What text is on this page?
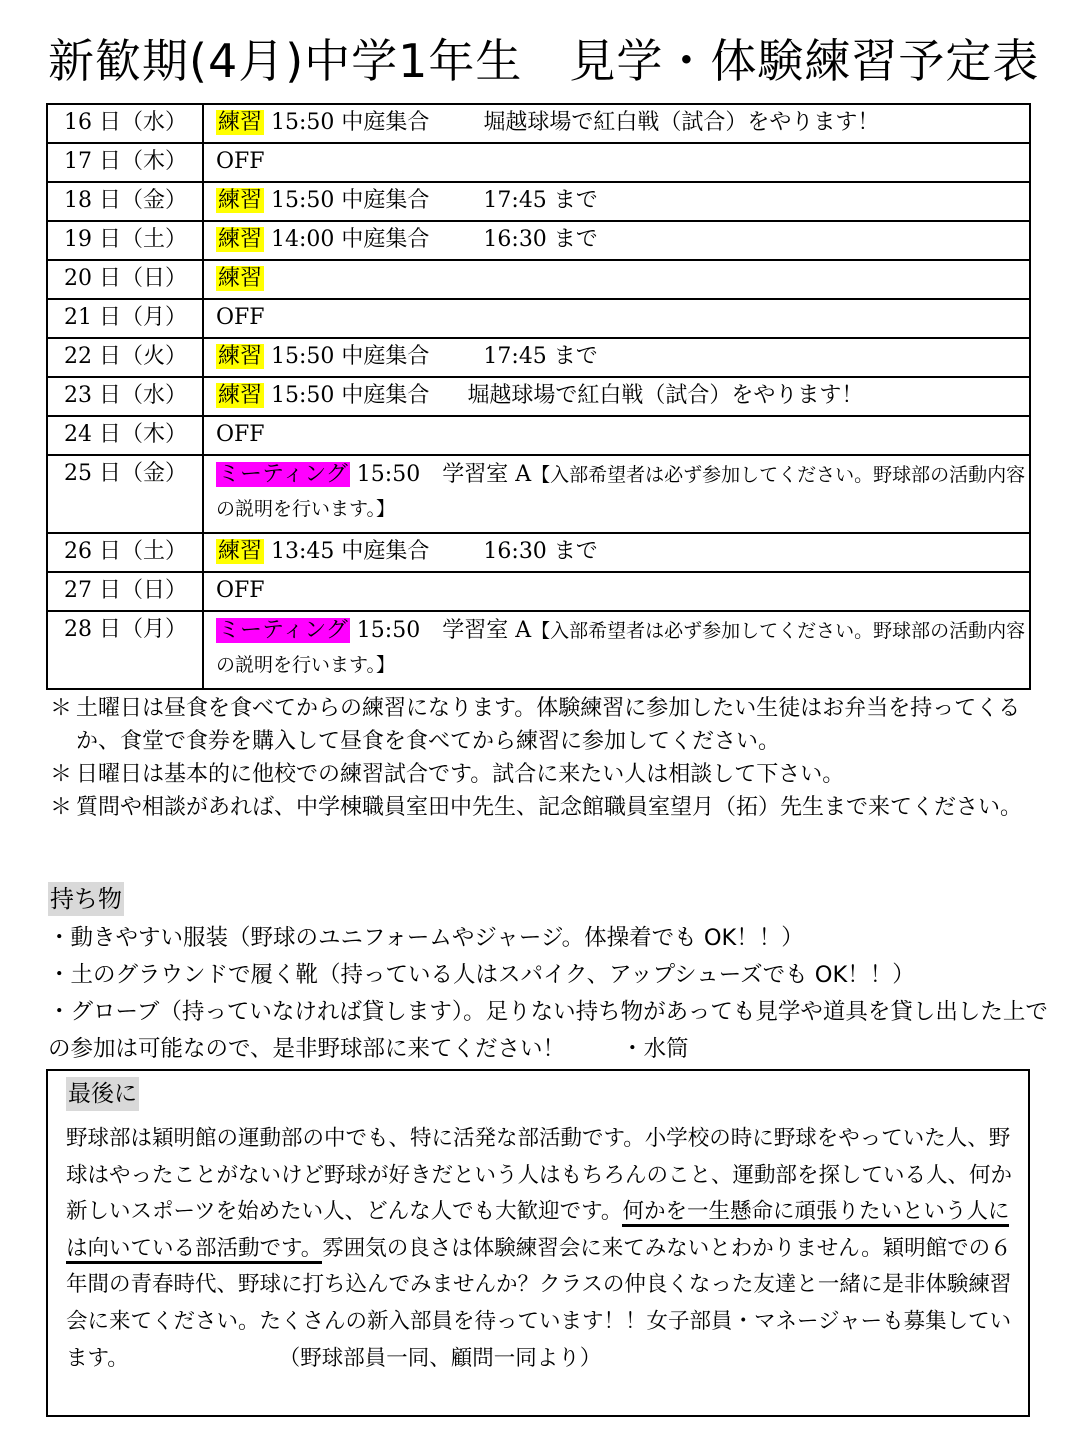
新歓期(4月)中学1年生　見学・体験練習予定表
16 日（水）	練習 15:50 中庭集合 堀越球場で紅白戦（試合）をやります！
17 日（木）	OFF
18 日（金）	練習 15:50 中庭集合 17:45 まで
19 日（土）	練習 14:00 中庭集合 16:30 まで
20 日（日）	練習
21 日（月）	OFF
22 日（火）	練習 15:50 中庭集合 17:45 まで
23 日（水）	練習 15:50 中庭集合 堀越球場で紅白戦（試合）をやります！
24 日（木）	OFF
25 日（金）	ミーティング 15:50　学習室 A【入部希望者は必ず参加してください。野球部の活動内容の説明を行います。】
26 日（土）	練習 13:45 中庭集合 16:30 まで
27 日（日）	OFF
28 日（月）	ミーティング 15:50　学習室 A【入部希望者は必ず参加してください。野球部の活動内容の説明を行います。】
＊ 土曜日は昼食を食べてからの練習になります。体験練習に参加したい生徒はお弁当を持ってくるか、食堂で食券を購入して昼食を食べてから練習に参加してください。
＊ 日曜日は基本的に他校での練習試合です。試合に来たい人は相談して下さい。
＊ 質問や相談があれば、中学棟職員室田中先生、記念館職員室望月（拓）先生まで来てください。
持ち物
・動きやすい服装（野球のユニフォームやジャージ。体操着でも OK！！）
・土のグラウンドで履く靴（持っている人はスパイク、アップシューズでも OK！！）
・グローブ（持っていなければ貸します）。足りない持ち物があっても見学や道具を貸し出した上での参加は可能なので、是非野球部に来てください！ ・水筒
最後に
野球部は穎明館の運動部の中でも、特に活発な部活動です。小学校の時に野球をやっていた人、野球はやったことがないけど野球が好きだという人はもちろんのこと、運動部を探している人、何か新しいスポーツを始めたい人、どんな人でも大歓迎です。何かを一生懸命に頑張りたいという人には向いている部活動です。雰囲気の良さは体験練習会に来てみないとわかりません。穎明館での６年間の青春時代、野球に打ち込んでみませんか？クラスの仲良くなった友達と一緒に是非体験練習会に来てください。たくさんの新入部員を待っています！！女子部員・マネージャーも募集しています。	（野球部員一同、顧問一同より）
